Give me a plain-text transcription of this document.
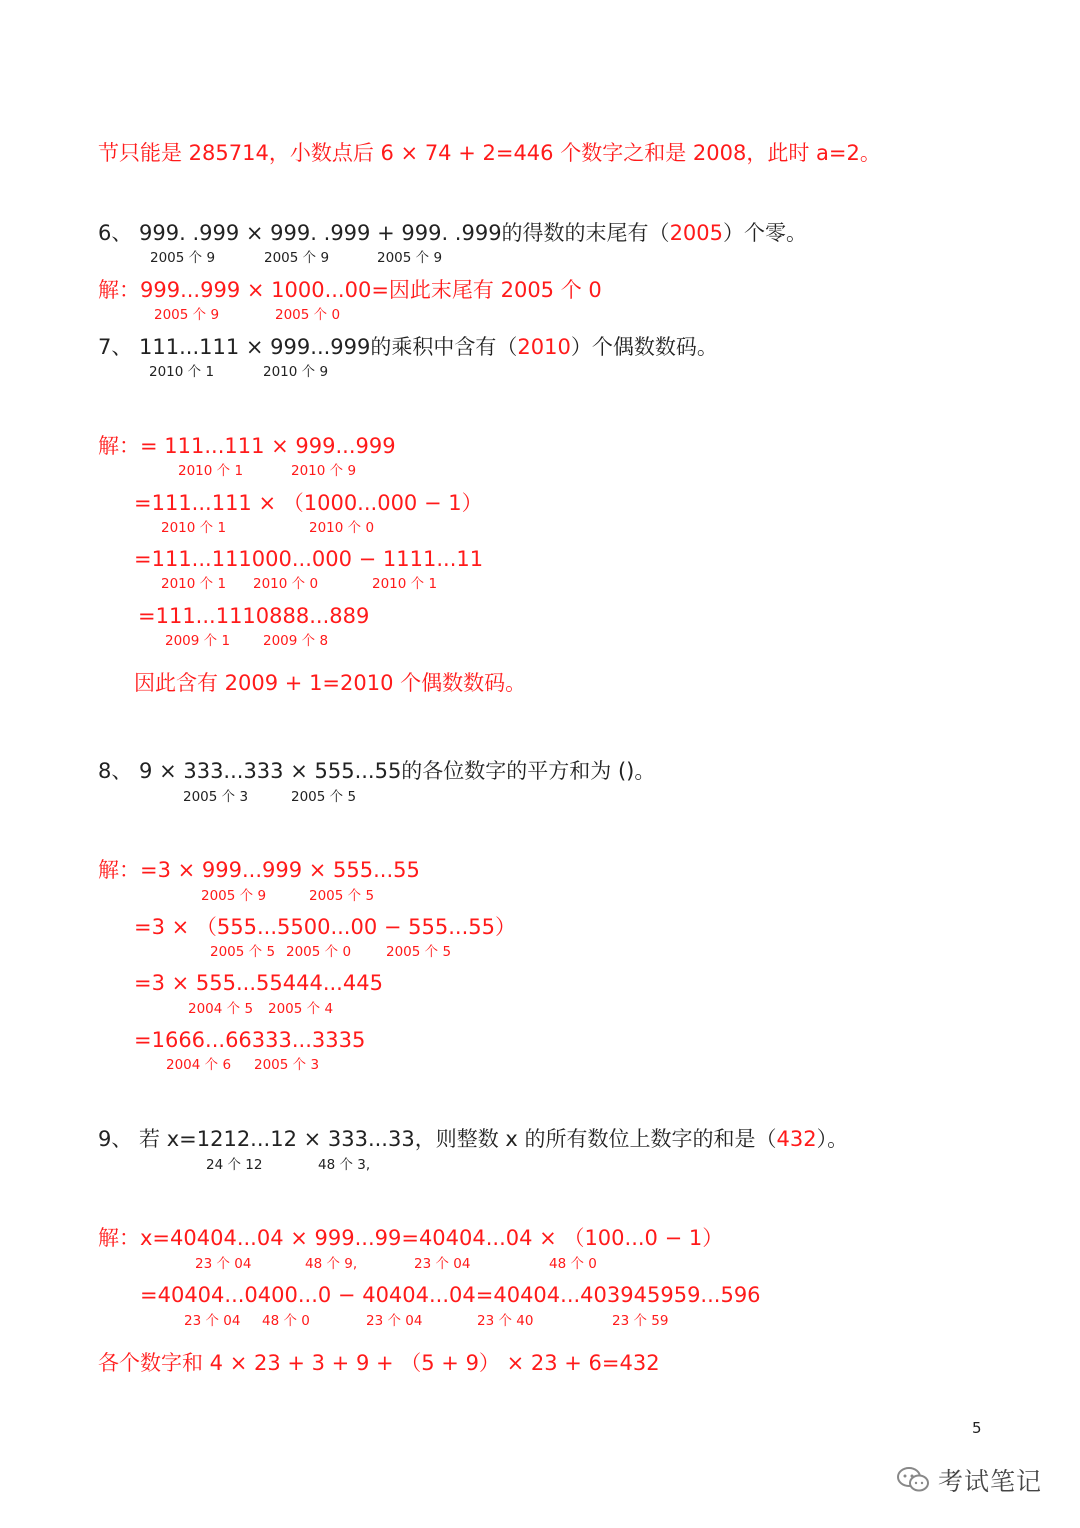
节只能是 285714，小数点后 6 × 74 + 2=446 个数字之和是 2008，此时 a=2。
6、 999. .999 × 999. .999 + 999. .999的得数的末尾有（2005）个零。
解：999...999 × 1000...00=因此末尾有 2005 个 0
7、 111...111 × 999...999的乘积中含有（2010）个偶数数码。
解：= 111...111 × 999...999
=111...111 × （1000...000 − 1）
=111...111000...000 − 1111...11
=111...1110888...889
因此含有 2009 + 1=2010 个偶数数码。
8、 9 × 333...333 × 555...55的各位数字的平方和为 ()。
解：=3 × 999...999 × 555...55
=3 × （555...5500...00 − 555...55）
=3 × 555...55444...445
=1666...66333...3335
9、 若 x=1212...12 × 333...33，则整数 x 的所有数位上数字的和是（432）。
解：x=40404...04 × 999...99=40404...04 × （100...0 − 1）
=40404...0400...0 − 40404...04=40404...403945959...596
各个数字和 4 × 23 + 3 + 9 + （5 + 9） × 23 + 6=432
2005 个 9	2005 个 9	2005 个 9
2005 个 9	2005 个 0
2010 个 1	2010 个 9
2010 个 1	2010 个 9
2010 个 1	2010 个 0
2010 个 1 2010 个 0	2010 个 1
2009 个 1 2009 个 8
2005 个 3	2005 个 5
2005 个 9	2005 个 5
2005 个 5 2005 个 0	2005 个 5
2004 个 5 2005 个 4
2004 个 6 2005 个 3
24 个 12	48 个 3,
23 个 04	48 个 9,	23 个 04	48 个 0
23 个 04 48 个 0	23 个 04	23 个 40	23 个 59
5
考试笔记
